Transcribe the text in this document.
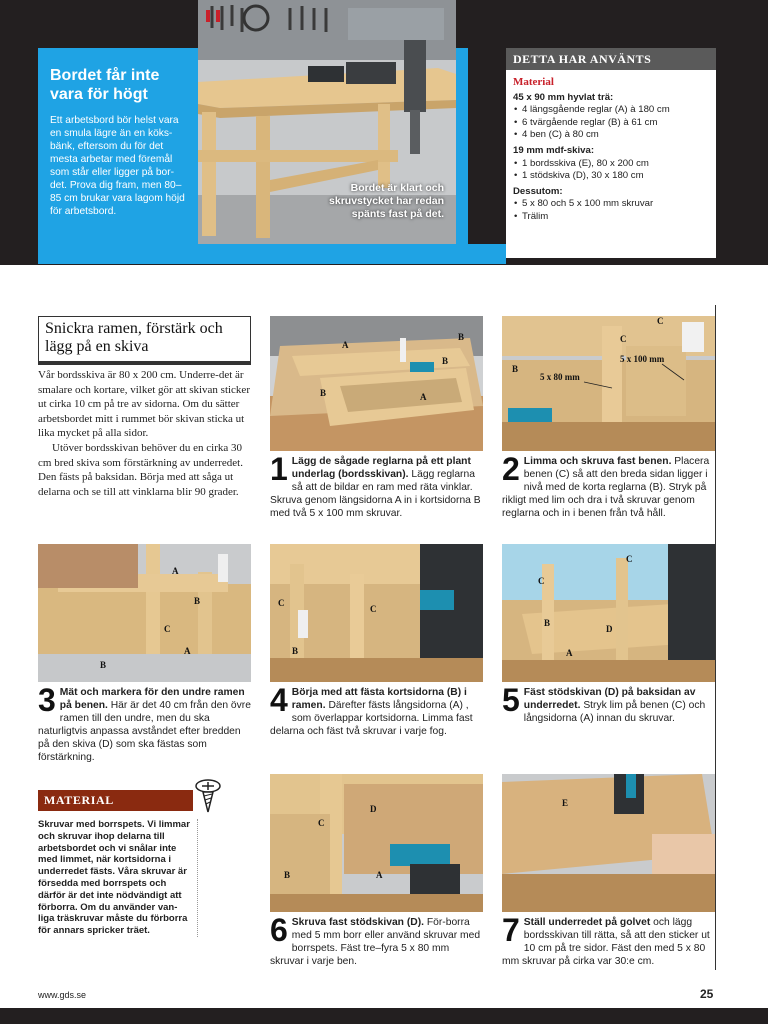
Bordet är klart och skruvstycket har redan spänts fast på det.
Bordet får inte vara för högt
Ett arbetsbord bör helst vara en smula lägre än en köks-bänk, eftersom du för det mesta arbetar med föremål som står eller ligger på bor-det. Prova dig fram, men 80–85 cm brukar vara lagom höjd för arbetsbord.
DETTA HAR ANVÄNTS
Material
45 x 90 mm hyvlat trä:
• 4 längsgående reglar (A) à 180 cm
• 6 tvärgående reglar (B) à 61 cm
• 4 ben (C) à 80 cm
19 mm mdf-skiva:
• 1 bordsskiva (E), 80 x 200 cm
• 1 stödskiva (D), 30 x 180 cm
Dessutom:
• 5 x 80 och 5 x 100 mm skruvar
• Trälim
Snickra ramen, förstärk och lägg på en skiva

Vår bordsskiva är 80 x 200 cm. Underre-det är smalare och kortare, vilket gör att skivan sticker ut cirka 10 cm på tre av sidorna. Om du sätter arbetsbordet mitt i rummet bör skivan sticka ut lika mycket på alla sidor.

Utöver bordsskivan behöver du en cirka 30 cm bred skiva som förstärkning av underredet. Den fästs på baksidan. Börja med att såga ut delarna och se till att vinklarna blir 90 grader.

MATERIAL
Skruvar med borrspets. Vi limmar och skruvar ihop delarna till arbetsbordet och vi snålar inte med limmet, när kortsidorna i underredet fästs. Våra skruvar är försedda med borrspets och därför är det inte nödvändigt att förborra. Om du använder van-liga träskruvar måste du förborra för annars spricker träet.
A
B
B
B
A
C
C
B
5 x 100 mm
5 x 80 mm
A
B
C
A
B
C
C
B
C
C
D
A
B
D
C
B	A
E
1 Lägg de sågade reglarna på ett plant underlag (bordsskivan). Lägg reglarna så att de bildar en ram med räta vinklar. Skruva genom längsidorna A in i kortsidorna B med två 5 x 100 mm skruvar.
2 Limma och skruva fast benen. Placera benen (C) så att den breda sidan ligger i nivå med de korta reglarna (B). Stryk på rikligt med lim och dra i två skruvar genom reglarna och in i benen från två håll.
3 Mät och markera för den undre ramen på benen. Här är det 40 cm från den övre ramen till den undre, men du ska naturligtvis anpassa avståndet efter bredden på den skiva (D) som ska fästas som förstärkning.
4 Börja med att fästa kortsidorna (B) i ramen. Därefter fästs långsidorna (A) , som överlappar kortsidorna. Limma fast delarna och fäst två skruvar i varje fog.
5 Fäst stödskivan (D) på baksidan av underredet. Stryk lim på benen (C) och långsidorna (A) innan du skruvar.
6 Skruva fast stödskivan (D). För-borra med 5 mm borr eller använd skruvar med borrspets. Fäst tre–fyra 5 x 80 mm skruvar i varje ben.
7 Ställ underredet på golvet och lägg bordsskivan till rätta, så att den sticker ut 10 cm på tre sidor. Fäst den med 5 x 80 mm skruvar på cirka var 30:e cm.
www.gds.se	25
